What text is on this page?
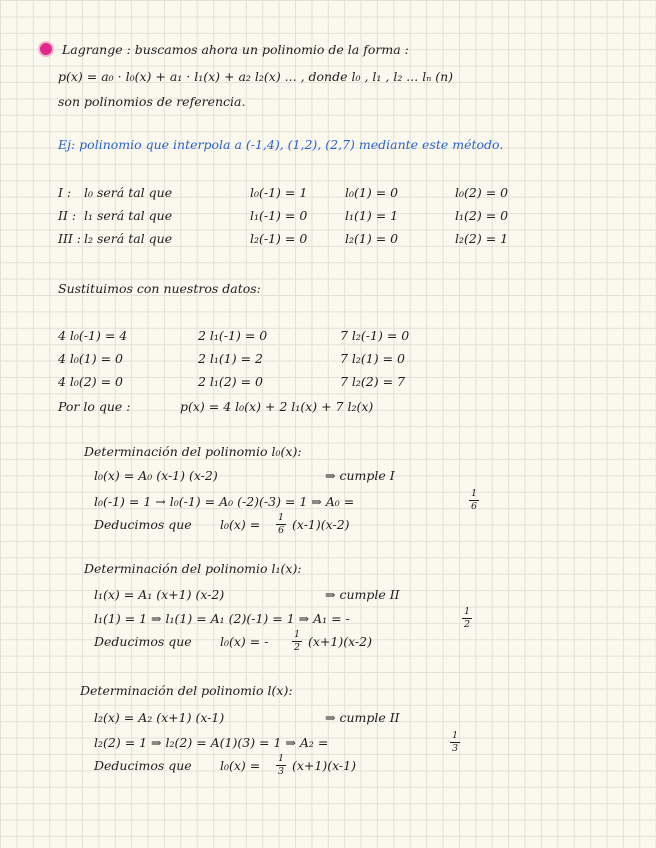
Lagrange : buscamos ahora un polinomio de la forma :
p(x) = a₀ · l₀(x) + a₁ · l₁(x) + a₂ l₂(x) ... , donde l₀ , l₁ , l₂ ... lₙ (n)
son polinomios de referencia.
Ej: polinomio que interpola a (-1,4), (1,2), (2,7) mediante este método.
I : l₀ será tal que	l₀(-1) = 1	l₀(1) = 0	l₀(2) = 0
II : l₁ será tal que	l₁(-1) = 0	l₁(1) = 1	l₁(2) = 0
III : l₂ será tal que	l₂(-1) = 0	l₂(1) = 0	l₂(2) = 1
Sustituimos con nuestros datos:
4 l₀(-1) = 4	2 l₁(-1) = 0	7 l₂(-1) = 0
4 l₀(1) = 0	2 l₁(1) = 2	7 l₂(1) = 0
4 l₀(2) = 0	2 l₁(2) = 0	7 l₂(2) = 7
Por lo que :	p(x) = 4 l₀(x) + 2 l₁(x) + 7 l₂(x)
Determinación del polinomio l₀(x):
l₀(x) = A₀ (x-1) (x-2)	⇒ cumple I
l₀(-1) = 1 → l₀(-1) = A₀ (-2)(-3) = 1 ⇒ A₀ =	$\frac{1}{6}$
Deducimos que $l_0(x) = \frac{1}{6} (x-1)(x-2)$
Determinación del polinomio l₁(x):
l₁(x) = A₁ (x+1) (x-2)	⇒ cumple II
l₁(1) = 1 ⇒ l₁(1) = A₁ (2)(-1) = 1 ⇒ A₁ = -	$\frac{1}{2}$
Deducimos que l₀(x) = - $\frac{1}{2} (x+1)(x-2)$
Determinación del polinomio l(x):
l₂(x) = A₂ (x+1) (x-1)	⇒ cumple II
l₂(2) = 1 ⇒ l₂(2) = A(1)(3) = 1 ⇒ A₂ =	$\frac{1}{3}$
Deducimos que $l_0(x) = \frac{1}{3} (x+1)(x-1)$
